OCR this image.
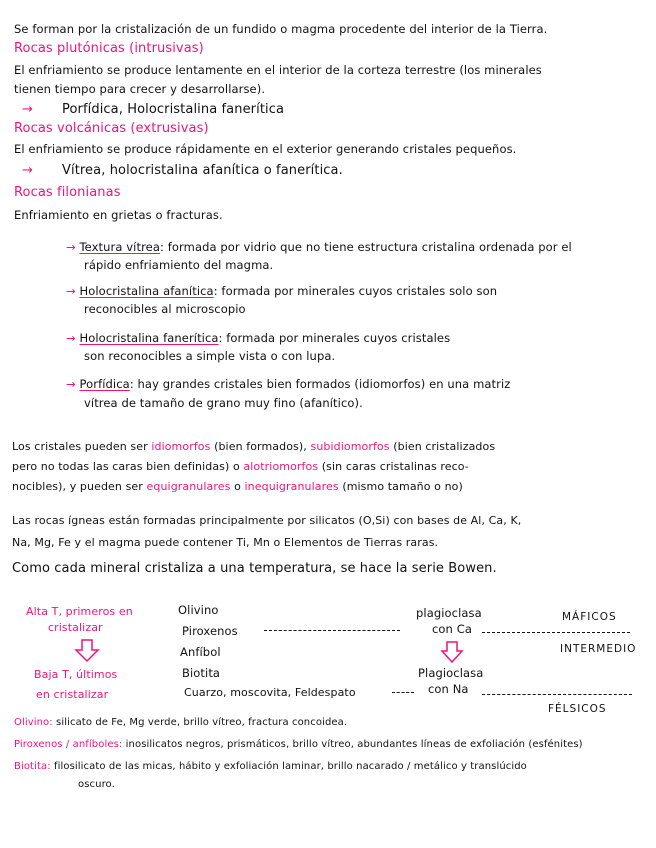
Se forman por la cristalización de un fundido o magma procedente del interior de la Tierra.
Rocas plutónicas (intrusivas)
El enfriamiento se produce lentamente en el interior de la corteza terrestre (los minerales
tienen tiempo para crecer y desarrollarse).
→ Porfídica, Holocristalina fanerítica
Rocas volcánicas (extrusivas)
El enfriamiento se produce rápidamente en el exterior generando cristales pequeños.
→ Vítrea, holocristalina afanítica o fanerítica.
Rocas filonianas
Enfriamiento en grietas o fracturas.
→ Textura vítrea: formada por vidrio que no tiene estructura cristalina ordenada por el
rápido enfriamiento del magma.
→ Holocristalina afanítica: formada por minerales cuyos cristales solo son
reconocibles al microscopio
→ Holocristalina fanerítica: formada por minerales cuyos cristales
son reconocibles a simple vista o con lupa.
→ Porfídica: hay grandes cristales bien formados (idiomorfos) en una matriz
vítrea de tamaño de grano muy fino (afanítico).
Los cristales pueden ser idiomorfos (bien formados), subidiomorfos (bien cristalizados
pero no todas las caras bien definidas) o alotriomorfos (sin caras cristalinas reco-
nocibles), y pueden ser equigranulares o inequigranulares (mismo tamaño o no)
Las rocas ígneas están formadas principalmente por silicatos (O,Si) con bases de Al, Ca, K,
Na, Mg, Fe y el magma puede contener Ti, Mn o Elementos de Tierras raras.
Como cada mineral cristaliza a una temperatura, se hace la serie Bowen.
Alta T, primeros en
cristalizar
Baja T, últimos
en cristalizar
Olivino
Piroxenos
Anfíbol
Biotita
Cuarzo, moscovita, Feldespato
plagioclasa
con Ca
Plagioclasa
con Na
MÁFICOS
INTERMEDIO
FÉLSICOS
Olivino: silicato de Fe, Mg verde, brillo vítreo, fractura concoidea.
Piroxenos / anfíboles: inosilicatos negros, prismáticos, brillo vítreo, abundantes líneas de exfoliación (esfénites)
Biotita: filosilicato de las micas, hábito y exfoliación laminar, brillo nacarado / metálico y translúcido
oscuro.
